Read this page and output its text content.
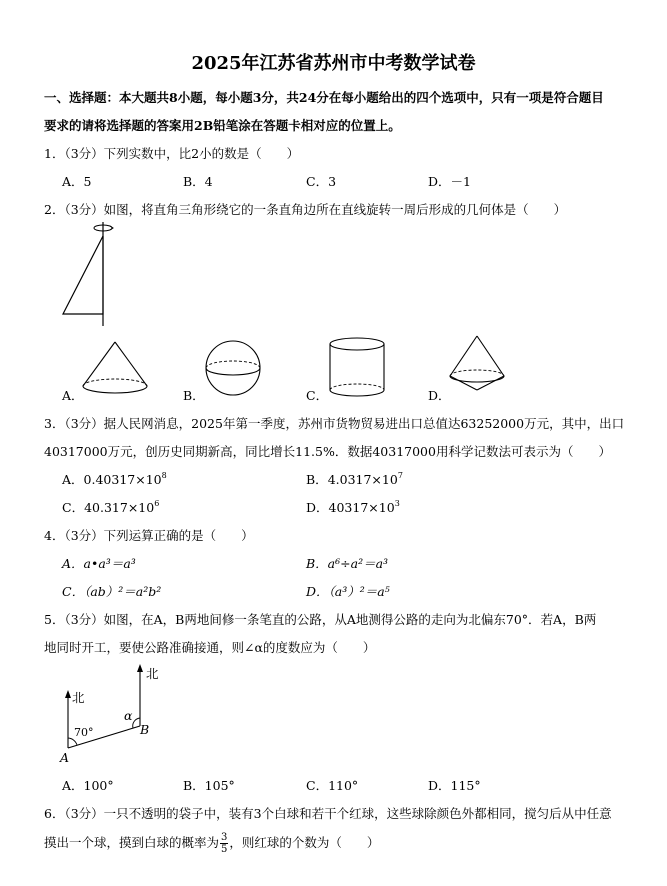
2025年江苏省苏州市中考数学试卷
一、选择题：本大题共8小题，每小题3分，共24分在每小题给出的四个选项中，只有一项是符合题目
要求的请将选择题的答案用2B铅笔涂在答题卡相对应的位置上。
1．（3分）下列实数中，比2小的数是（　　）
A．5	B．4	C．3	D．－1
2．（3分）如图，将直角三角形绕它的一条直角边所在直线旋转一周后形成的几何体是（　　）
A．	B．	C．	D．
3．（3分）据人民网消息，2025年第一季度，苏州市货物贸易进出口总值达63252000万元，其中，出口
40317000万元，创历史同期新高，同比增长11.5%．数据40317000用科学记数法可表示为（　　）
A．$0.40317\times 10^8$	B．$4.0317\times 10^7$
C．$40.317\times 10^6$	D．$40317\times 10^3$
4．（3分）下列运算正确的是（　　）
A．a•a³＝a³	B．a⁶÷a²＝a³
C．（ab）²＝a²b²	D．（a³）²＝a⁵
5．（3分）如图，在A，B两地间修一条笔直的公路，从A地测得公路的走向为北偏东70°．若A，B两
地同时开工，要使公路准确接通，则∠α的度数应为（　　）
北
北
70°
α
A
B
A．100°	B．105°	C．110°	D．115°
6．（3分）一只不透明的袋子中，装有3个白球和若干个红球，这些球除颜色外都相同，搅匀后从中任意
摸出一个球，摸到白球的概率为 $\frac{3}{5}$ ，则红球的个数为（　　）
